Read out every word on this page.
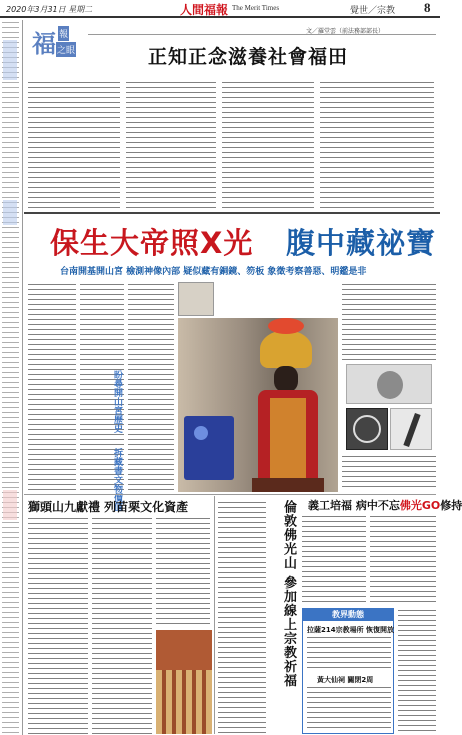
2020年3月31日 星期二	人間福報 The Merit Times	覺世／宗教 8
福 報
之眼
文／羅堂雲（前法務部部長）
正知正念滋養社會福田
保生大帝照X光 腹中藏祕寶
台南開基開山宮 檢測神像內部 疑似藏有銅鏡、笏板 象徵考察善惡、明鑑是非
盼尋開山宮歷史
拆藏書文物價值
獅頭山九獻禮 列苗栗文化資產	倫敦佛光山 參加線上宗教祈福 義工培福 病中不忘佛光GO修持
教界動態
拉薩214宗教場所 恢復開放
黃大仙祠 關閉2周
